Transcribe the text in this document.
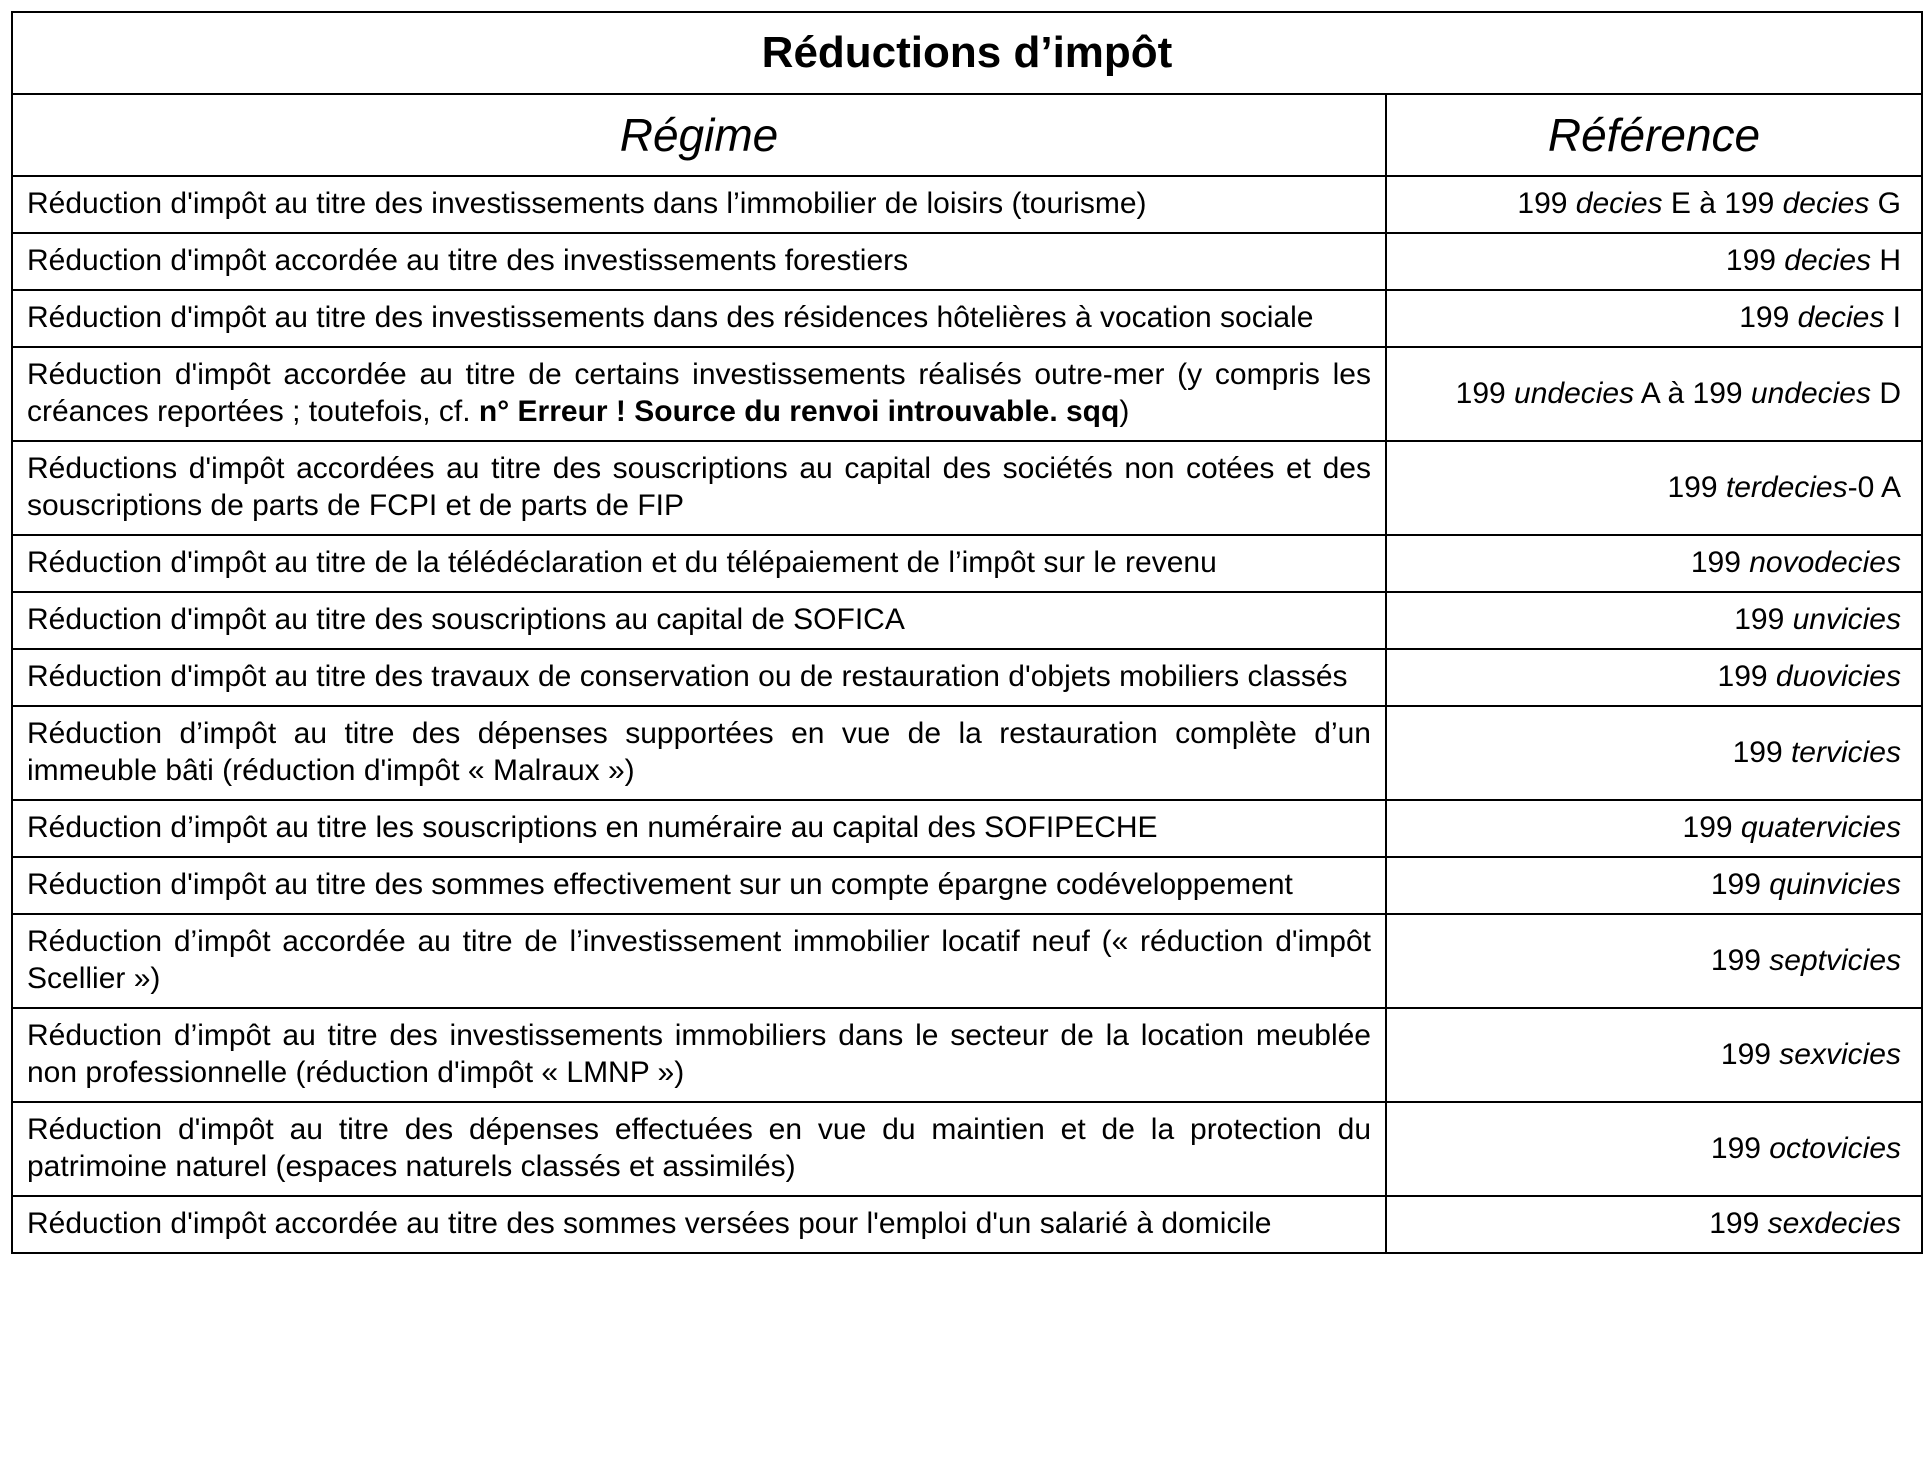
Réductions d’impôt	
Régime	Référence
Réduction d'impôt au titre des investissements dans l’immobilier de loisirs (tourisme)	199 decies E à 199 decies G
Réduction d'impôt accordée au titre des investissements forestiers	199 decies H
Réduction d'impôt au titre des investissements dans des résidences hôtelières à vocation sociale	199 decies I
Réduction d'impôt accordée au titre de certains investissements réalisés outre-mer (y compris les créances reportées ; toutefois, cf. n° Erreur ! Source du renvoi introuvable. sqq)	199 undecies A à 199 undecies D
Réductions d'impôt accordées au titre des souscriptions au capital des sociétés non cotées et des souscriptions de parts de FCPI et de parts de FIP	199 terdecies-0 A
Réduction d'impôt au titre de la télédéclaration et du télépaiement de l’impôt sur le revenu	199 novodecies
Réduction d'impôt au titre des souscriptions au capital de SOFICA	199 unvicies
Réduction d'impôt au titre des travaux de conservation ou de restauration d'objets mobiliers classés	199 duovicies
Réduction d’impôt au titre des dépenses supportées en vue de la restauration complète d’un immeuble bâti (réduction d'impôt « Malraux »)	199 tervicies
Réduction d’impôt au titre les souscriptions en numéraire au capital des SOFIPECHE	199 quatervicies
Réduction d'impôt au titre des sommes effectivement sur un compte épargne codéveloppement	199 quinvicies
Réduction d’impôt accordée au titre de l’investissement immobilier locatif neuf (« réduction d'impôt Scellier »)	199 septvicies
Réduction d’impôt au titre des investissements immobiliers dans le secteur de la location meublée non professionnelle (réduction d'impôt « LMNP »)	199 sexvicies
Réduction d'impôt au titre des dépenses effectuées en vue du maintien et de la protection du patrimoine naturel (espaces naturels classés et assimilés)	199 octovicies
Réduction d'impôt accordée au titre des sommes versées pour l'emploi d'un salarié à domicile	199 sexdecies
